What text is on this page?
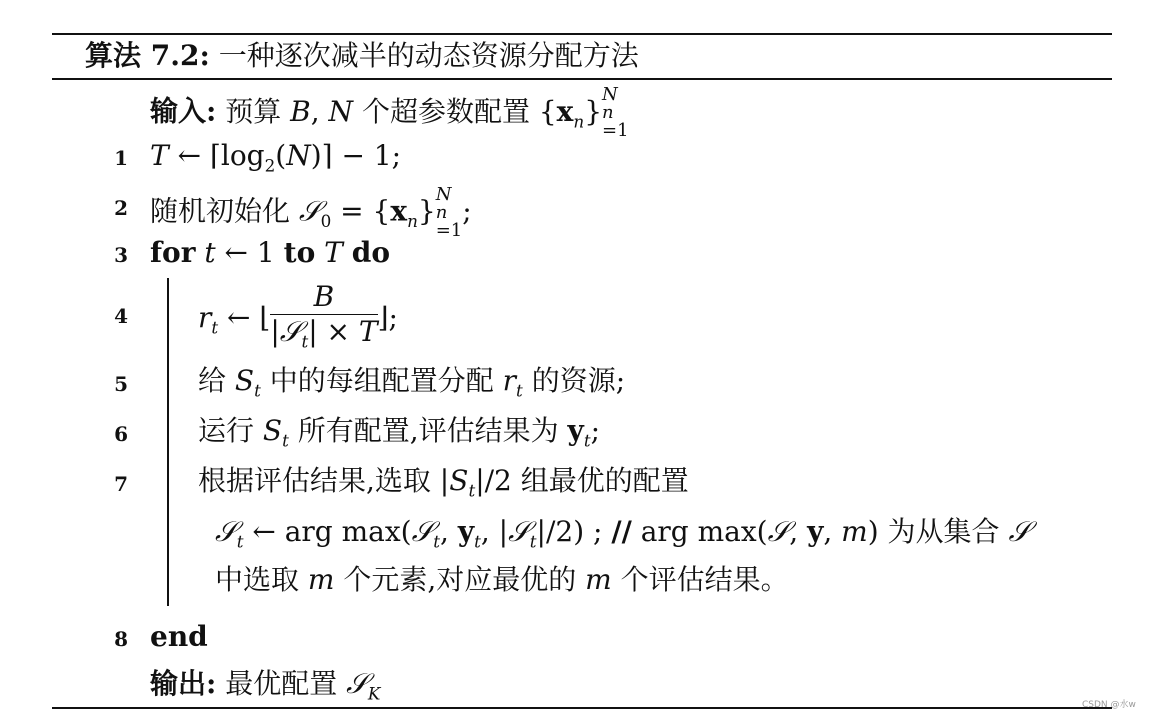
算法 7.2: 一种逐次减半的动态资源分配方法
输入: 预算 B, N 个超参数配置 $\{x_n\}$ N
n
=1
1 T ← $⌈\log_2(N)⌉ - 1$;
2 随机初始化 𝒮$_0$ = $\{x_n\}$ N
n
=1
;
3 for t ← 1 to T do
4	$r_t$ ← ⌊ $\frac{B}{|𝒮_t| \times T}$ ⌋;
5	给 $S_t$ 中的每组配置分配 $r_t$ 的资源;
6	运行 $S_t$ 所有配置,评估结果为 $y_t$;
7	根据评估结果,选取 $|S_t|/2$ 组最优的配置
𝒮$_t$ ← arg max(𝒮$_t$, $y_t$, |𝒮$_t$|/2) ; // arg max(𝒮, y, m) 为从集合 𝒮
中选取 m 个元素,对应最优的 m 个评估结果。
8 end
输出: 最优配置 𝒮$_K$
CSDN @水w
